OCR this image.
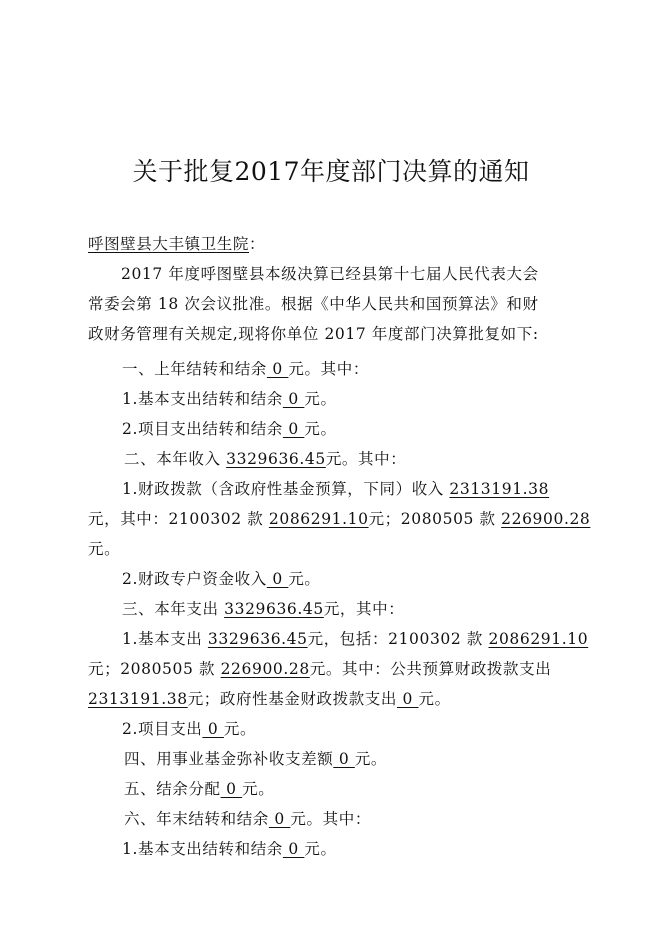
关于批复2017年度部门决算的通知
呼图壁县大丰镇卫生院：
2017 年度呼图壁县本级决算已经县第十七届人民代表大会
常委会第 18 次会议批准。根据《中华人民共和国预算法》和财
政财务管理有关规定,现将你单位 2017 年度部门决算批复如下:
一、上年结转和结余 0 元。其中：
1.基本支出结转和结余 0 元。
2.项目支出结转和结余 0 元。
二、本年收入 3329636.45元。其中：
1.财政拨款（含政府性基金预算，下同）收入 2313191.38
元，其中：2100302 款 2086291.10元；2080505 款 226900.28
元。
2.财政专户资金收入 0 元。
三、本年支出 3329636.45元，其中：
1.基本支出 3329636.45元，包括：2100302 款 2086291.10
元；2080505 款 226900.28元。其中：公共预算财政拨款支出
2313191.38元；政府性基金财政拨款支出 0 元。
2.项目支出 0 元。
四、用事业基金弥补收支差额 0 元。
五、结余分配 0 元。
六、年末结转和结余 0 元。其中：
1.基本支出结转和结余 0 元。
